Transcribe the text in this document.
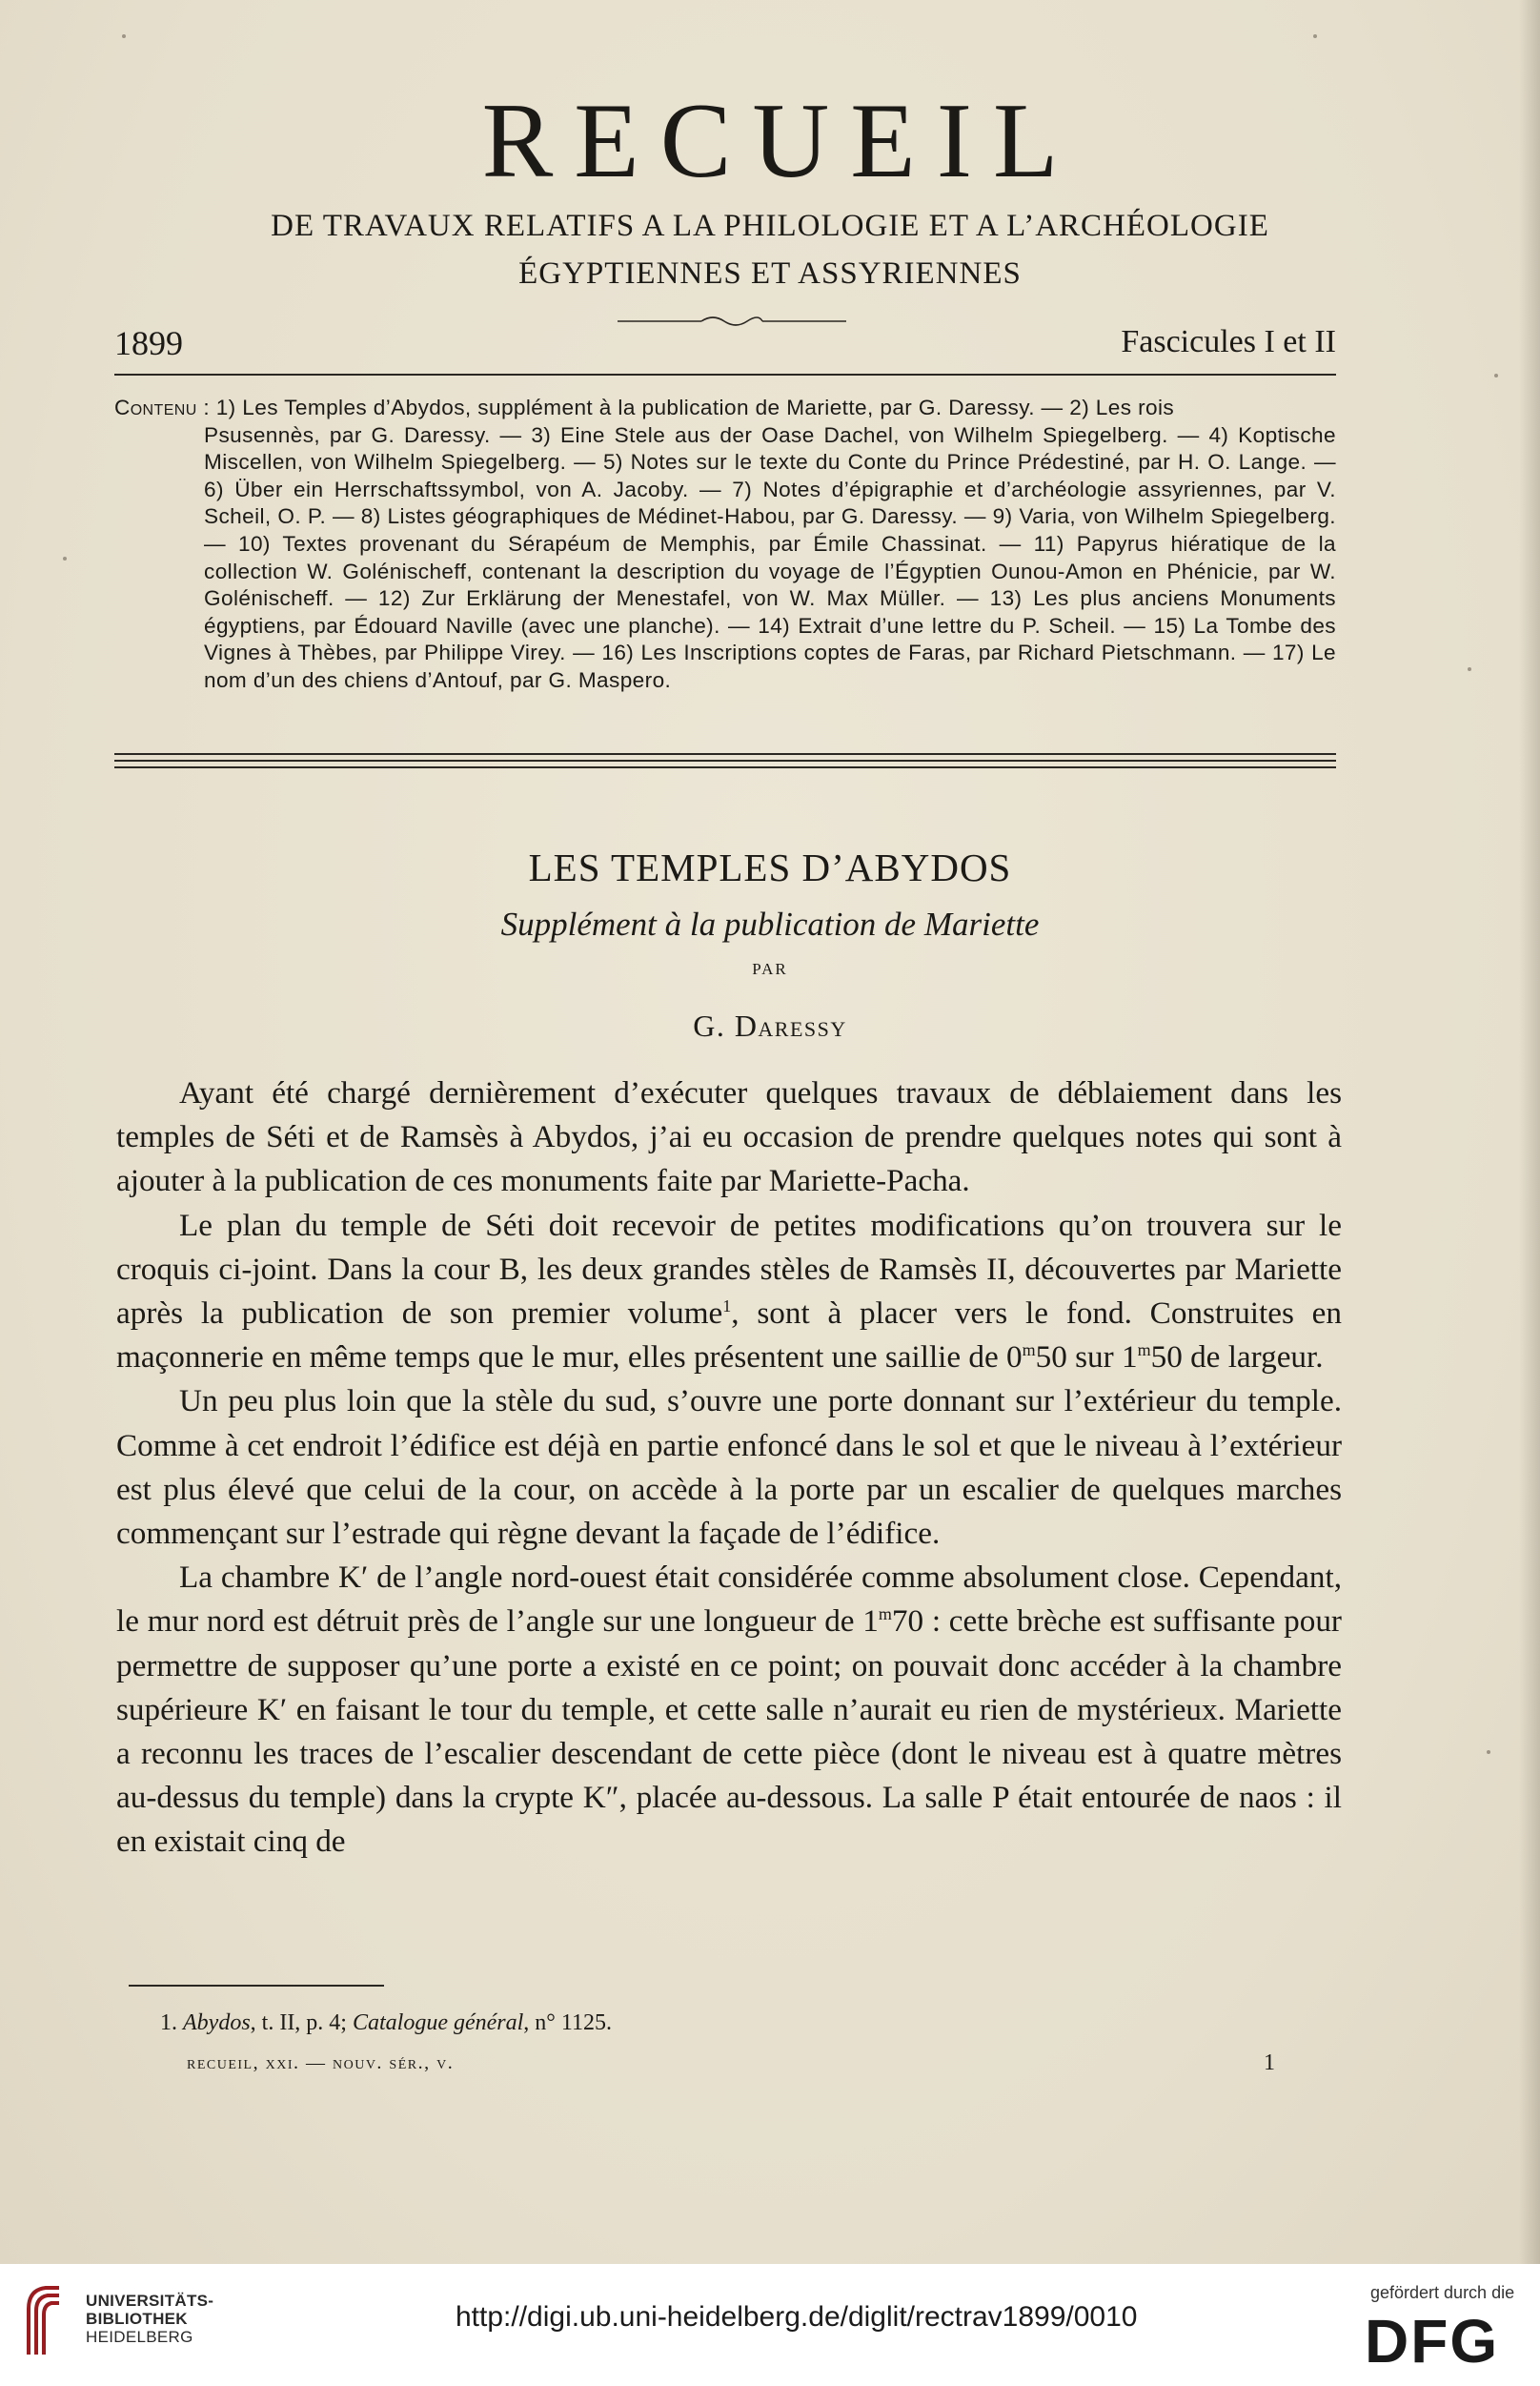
RECUEIL
DE TRAVAUX RELATIFS A LA PHILOLOGIE ET A L’ARCHÉOLOGIE
ÉGYPTIENNES ET ASSYRIENNES
1899	Fascicules I et II
Contenu : 1) Les Temples d’Abydos, supplément à la publication de Mariette, par G. Daressy. — 2) Les rois
Psusennès, par G. Daressy. — 3) Eine Stele aus der Oase Dachel, von Wilhelm Spiegelberg. — 4) Koptische Miscellen, von Wilhelm Spiegelberg. — 5) Notes sur le texte du Conte du Prince Prédestiné, par H. O. Lange. — 6) Über ein Herrschaftssymbol, von A. Jacoby. — 7) Notes d’épigraphie et d’archéologie assyriennes, par V. Scheil, O. P. — 8) Listes géographiques de Médinet-Habou, par G. Daressy. — 9) Varia, von Wilhelm Spiegelberg. — 10) Textes provenant du Sérapéum de Memphis, par Émile Chassinat. — 11) Papyrus hiératique de la collection W. Golénischeff, contenant la description du voyage de l’Égyptien Ounou-Amon en Phénicie, par W. Golénischeff. — 12) Zur Erklärung der Menestafel, von W. Max Müller. — 13) Les plus anciens Monuments égyptiens, par Édouard Naville (avec une planche). — 14) Extrait d’une lettre du P. Scheil. — 15) La Tombe des Vignes à Thèbes, par Philippe Virey. — 16) Les Inscriptions coptes de Faras, par Richard Pietschmann. — 17) Le nom d’un des chiens d’Antouf, par G. Maspero.
LES TEMPLES D’ABYDOS
Supplément à la publication de Mariette
PAR
G. Daressy

Ayant été chargé dernièrement d’exécuter quelques travaux de déblaiement dans les temples de Séti et de Ramsès à Abydos, j’ai eu occasion de prendre quelques notes qui sont à ajouter à la publication de ces monuments faite par Mariette-Pacha.

Le plan du temple de Séti doit recevoir de petites modifications qu’on trouvera sur le croquis ci-joint. Dans la cour B, les deux grandes stèles de Ramsès II, découvertes par Mariette après la publication de son premier volume$^1$, sont à placer vers le fond. Construites en maçonnerie en même temps que le mur, elles présentent une saillie de 0$^m$50 sur 1$^m$50 de largeur.

Un peu plus loin que la stèle du sud, s’ouvre une porte donnant sur l’extérieur du temple. Comme à cet endroit l’édifice est déjà en partie enfoncé dans le sol et que le niveau à l’extérieur est plus élevé que celui de la cour, on accède à la porte par un escalier de quelques marches commençant sur l’estrade qui règne devant la façade de l’édifice.

La chambre K′ de l’angle nord-ouest était considérée comme absolument close. Cependant, le mur nord est détruit près de l’angle sur une longueur de 1$^m$70 : cette brèche est suffisante pour permettre de supposer qu’une porte a existé en ce point; on pouvait donc accéder à la chambre supérieure K′ en faisant le tour du temple, et cette salle n’aurait eu rien de mystérieux. Mariette a reconnu les traces de l’escalier descendant de cette pièce (dont le niveau est à quatre mètres au-dessus du temple) dans la crypte K″, placée au-dessous. La salle P était entourée de naos : il en existait cinq de

1. Abydos, t. II, p. 4; Catalogue général, n° 1125.
recueil, xxi. — nouv. sér., v.	1
UNIVERSITÄTS-
BIBLIOTHEK
HEIDELBERG
http://digi.ub.uni-heidelberg.de/diglit/rectrav1899/0010
gefördert durch die
DFG
